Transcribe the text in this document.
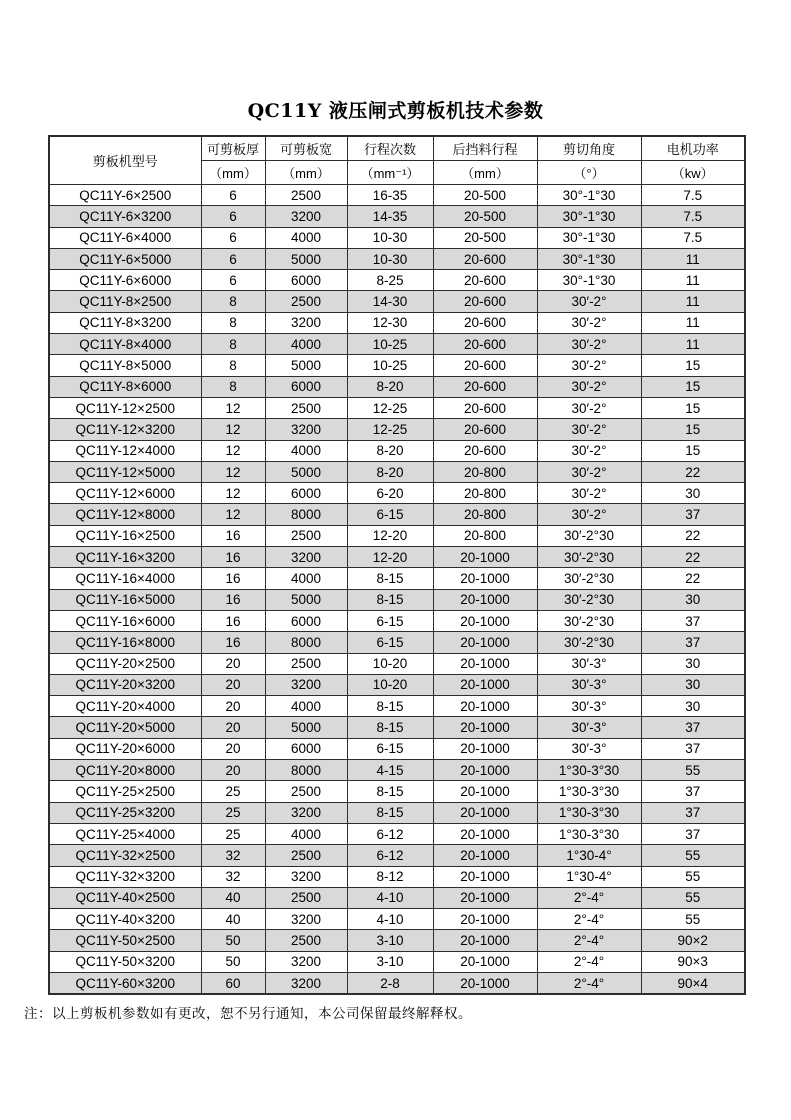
QC11Y 液压闸式剪板机技术参数
剪板机型号	可剪板厚	可剪板宽	行程次数	后挡料行程	剪切角度	电机功率
	（mm）	（mm）	（mm⁻¹）	（mm）	（°）	（kw）
QC11Y-6×2500	6	2500	16-35	20-500	30°-1°30	7.5
QC11Y-6×3200	6	3200	14-35	20-500	30°-1°30	7.5
QC11Y-6×4000	6	4000	10-30	20-500	30°-1°30	7.5
QC11Y-6×5000	6	5000	10-30	20-600	30°-1°30	11
QC11Y-6×6000	6	6000	8-25	20-600	30°-1°30	11
QC11Y-8×2500	8	2500	14-30	20-600	30′-2°	11
QC11Y-8×3200	8	3200	12-30	20-600	30′-2°	11
QC11Y-8×4000	8	4000	10-25	20-600	30′-2°	11
QC11Y-8×5000	8	5000	10-25	20-600	30′-2°	15
QC11Y-8×6000	8	6000	8-20	20-600	30′-2°	15
QC11Y-12×2500	12	2500	12-25	20-600	30′-2°	15
QC11Y-12×3200	12	3200	12-25	20-600	30′-2°	15
QC11Y-12×4000	12	4000	8-20	20-600	30′-2°	15
QC11Y-12×5000	12	5000	8-20	20-800	30′-2°	22
QC11Y-12×6000	12	6000	6-20	20-800	30′-2°	30
QC11Y-12×8000	12	8000	6-15	20-800	30′-2°	37
QC11Y-16×2500	16	2500	12-20	20-800	30′-2°30	22
QC11Y-16×3200	16	3200	12-20	20-1000	30′-2°30	22
QC11Y-16×4000	16	4000	8-15	20-1000	30′-2°30	22
QC11Y-16×5000	16	5000	8-15	20-1000	30′-2°30	30
QC11Y-16×6000	16	6000	6-15	20-1000	30′-2°30	37
QC11Y-16×8000	16	8000	6-15	20-1000	30′-2°30	37
QC11Y-20×2500	20	2500	10-20	20-1000	30′-3°	30
QC11Y-20×3200	20	3200	10-20	20-1000	30′-3°	30
QC11Y-20×4000	20	4000	8-15	20-1000	30′-3°	30
QC11Y-20×5000	20	5000	8-15	20-1000	30′-3°	37
QC11Y-20×6000	20	6000	6-15	20-1000	30′-3°	37
QC11Y-20×8000	20	8000	4-15	20-1000	1°30-3°30	55
QC11Y-25×2500	25	2500	8-15	20-1000	1°30-3°30	37
QC11Y-25×3200	25	3200	8-15	20-1000	1°30-3°30	37
QC11Y-25×4000	25	4000	6-12	20-1000	1°30-3°30	37
QC11Y-32×2500	32	2500	6-12	20-1000	1°30-4°	55
QC11Y-32×3200	32	3200	8-12	20-1000	1°30-4°	55
QC11Y-40×2500	40	2500	4-10	20-1000	2°-4°	55
QC11Y-40×3200	40	3200	4-10	20-1000	2°-4°	55
QC11Y-50×2500	50	2500	3-10	20-1000	2°-4°	90×2
QC11Y-50×3200	50	3200	3-10	20-1000	2°-4°	90×3
QC11Y-60×3200	60	3200	2-8	20-1000	2°-4°	90×4

注：以上剪板机参数如有更改，恕不另行通知，本公司保留最终解释权。
